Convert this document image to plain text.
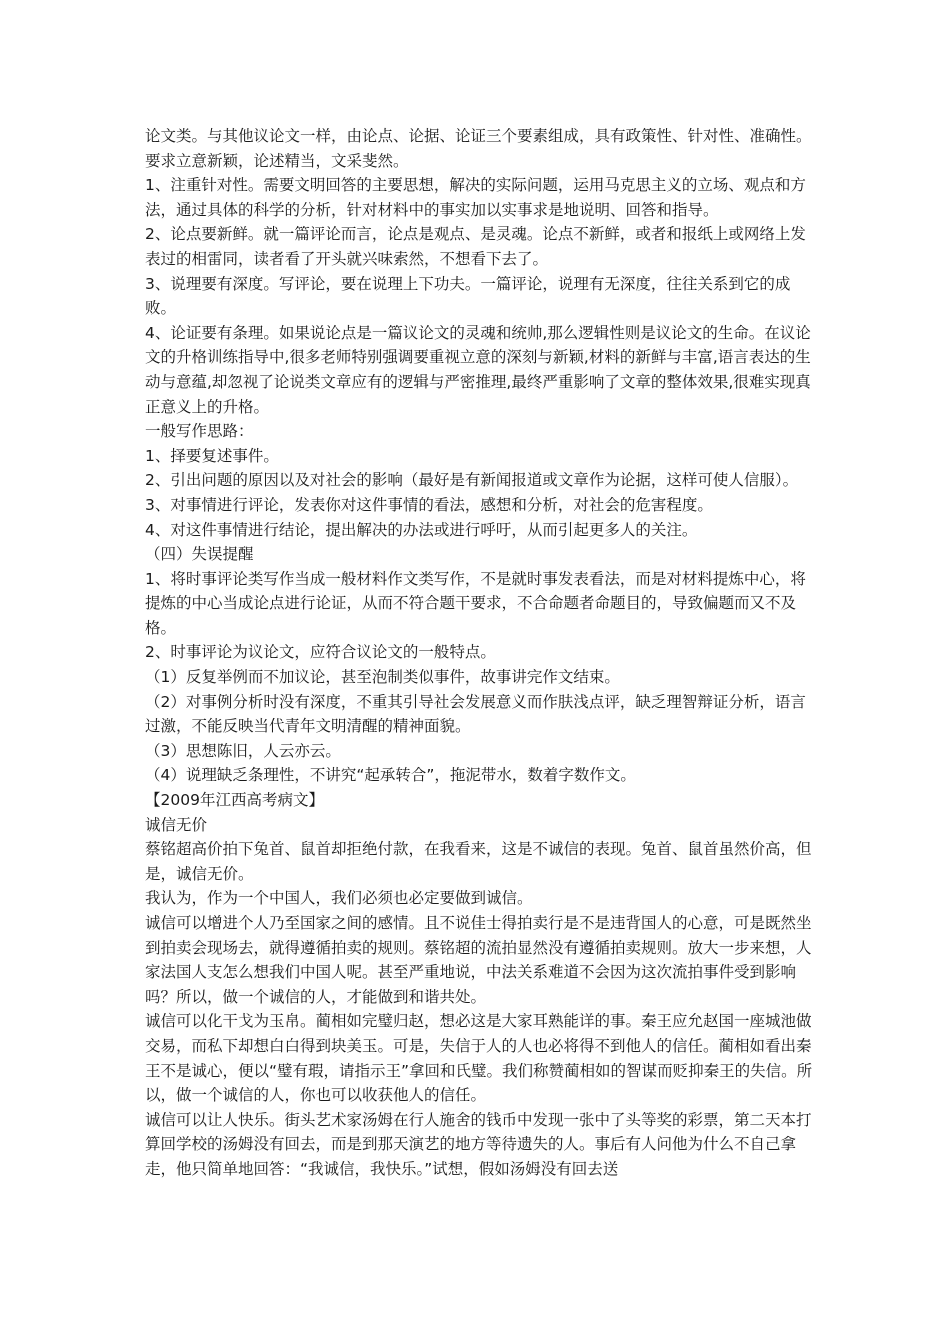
论文类。与其他议论文一样，由论点、论据、论证三个要素组成，具有政策性、针对性、准确性。要求立意新颖，论述精当，文采斐然。

1、注重针对性。需要文明回答的主要思想，解决的实际问题，运用马克思主义的立场、观点和方法，通过具体的科学的分析，针对材料中的事实加以实事求是地说明、回答和指导。

2、论点要新鲜。就一篇评论而言，论点是观点、是灵魂。论点不新鲜，或者和报纸上或网络上发表过的相雷同，读者看了开头就兴味索然，不想看下去了。

3、说理要有深度。写评论，要在说理上下功夫。一篇评论，说理有无深度，往往关系到它的成败。

4、论证要有条理。如果说论点是一篇议论文的灵魂和统帅,那么逻辑性则是议论文的生命。在议论文的升格训练指导中,很多老师特别强调要重视立意的深刻与新颖,材料的新鲜与丰富,语言表达的生动与意蕴,却忽视了论说类文章应有的逻辑与严密推理,最终严重影响了文章的整体效果,很难实现真正意义上的升格。

一般写作思路：

1、择要复述事件。

2、引出问题的原因以及对社会的影响（最好是有新闻报道或文章作为论据，这样可使人信服）。

3、对事情进行评论，发表你对这件事情的看法，感想和分析，对社会的危害程度。

4、对这件事情进行结论，提出解决的办法或进行呼吁，从而引起更多人的关注。

（四）失误提醒

1、将时事评论类写作当成一般材料作文类写作，不是就时事发表看法，而是对材料提炼中心，将提炼的中心当成论点进行论证，从而不符合题干要求，不合命题者命题目的，导致偏题而又不及格。

2、时事评论为议论文，应符合议论文的一般特点。

（1）反复举例而不加议论，甚至泡制类似事件，故事讲完作文结束。

（2）对事例分析时没有深度，不重其引导社会发展意义而作肤浅点评，缺乏理智辩证分析，语言过激，不能反映当代青年文明清醒的精神面貌。

（3）思想陈旧，人云亦云。

（4）说理缺乏条理性，不讲究“起承转合”，拖泥带水，数着字数作文。

【2009年江西高考病文】

诚信无价

蔡铭超高价拍下兔首、鼠首却拒绝付款，在我看来，这是不诚信的表现。兔首、鼠首虽然价高，但是，诚信无价。

我认为，作为一个中国人，我们必须也必定要做到诚信。

诚信可以增进个人乃至国家之间的感情。且不说佳士得拍卖行是不是违背国人的心意，可是既然坐到拍卖会现场去，就得遵循拍卖的规则。蔡铭超的流拍显然没有遵循拍卖规则。放大一步来想，人家法国人支怎么想我们中国人呢。甚至严重地说，中法关系难道不会因为这次流拍事件受到影响吗？所以，做一个诚信的人，才能做到和谐共处。

诚信可以化干戈为玉帛。蔺相如完璧归赵，想必这是大家耳熟能详的事。秦王应允赵国一座城池做交易，而私下却想白白得到块美玉。可是，失信于人的人也必将得不到他人的信任。蔺相如看出秦王不是诚心，便以“璧有瑕，请指示王”拿回和氏璧。我们称赞蔺相如的智谋而贬抑秦王的失信。所以，做一个诚信的人，你也可以收获他人的信任。

诚信可以让人快乐。街头艺术家汤姆在行人施舍的钱币中发现一张中了头等奖的彩票，第二天本打算回学校的汤姆没有回去，而是到那天演艺的地方等待遗失的人。事后有人问他为什么不自己拿走，他只简单地回答：“我诚信，我快乐。”试想，假如汤姆没有回去送
